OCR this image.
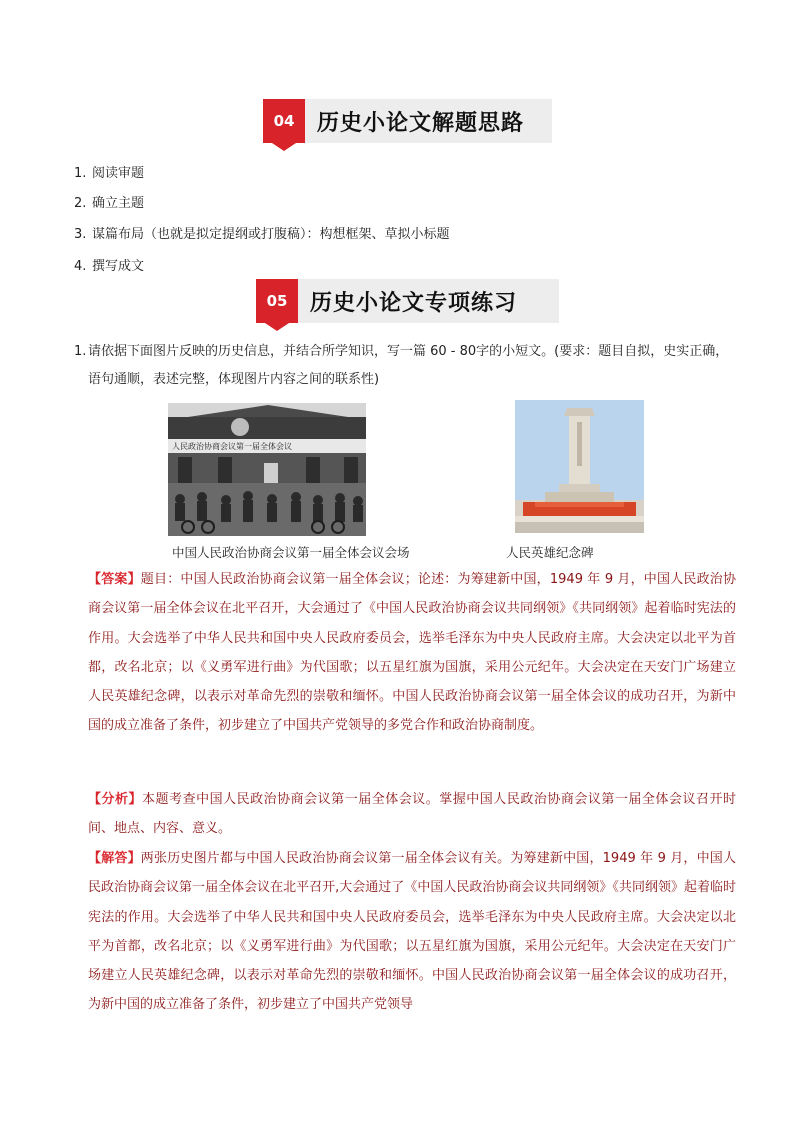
04	历史小论文解题思路
1. 阅读审题
2. 确立主题
3. 谋篇布局（也就是拟定提纲或打腹稿）：构想框架、草拟小标题
4. 撰写成文
05	历史小论文专项练习
1. 请依据下面图片反映的历史信息，并结合所学知识，写一篇 60 - 80字的小短文。(要求：题目自拟，史实正确，语句通顺，表述完整，体现图片内容之间的联系性)
人民政治协商会议第一届全体会议
中国人民政治协商会议第一届全体会议会场	人民英雄纪念碑
【答案】题目：中国人民政治协商会议第一届全体会议；论述：为筹建新中国，1949 年 9 月，中国人民政治协商会议第一届全体会议在北平召开，大会通过了《中国人民政治协商会议共同纲领》《共同纲领》起着临时宪法的作用。大会选举了中华人民共和国中央人民政府委员会，选举毛泽东为中央人民政府主席。大会决定以北平为首都，改名北京；以《义勇军进行曲》为代国歌；以五星红旗为国旗，采用公元纪年。大会决定在天安门广场建立人民英雄纪念碑，以表示对革命先烈的崇敬和缅怀。中国人民政治协商会议第一届全体会议的成功召开，为新中国的成立准备了条件，初步建立了中国共产党领导的多党合作和政治协商制度。
【分析】本题考查中国人民政治协商会议第一届全体会议。掌握中国人民政治协商会议第一届全体会议召开时间、地点、内容、意义。
【解答】两张历史图片都与中国人民政治协商会议第一届全体会议有关。为筹建新中国，1949 年 9 月，中国人民政治协商会议第一届全体会议在北平召开,大会通过了《中国人民政治协商会议共同纲领》《共同纲领》起着临时宪法的作用。大会选举了中华人民共和国中央人民政府委员会，选举毛泽东为中央人民政府主席。大会决定以北平为首都，改名北京；以《义勇军进行曲》为代国歌；以五星红旗为国旗，采用公元纪年。大会决定在天安门广场建立人民英雄纪念碑，以表示对革命先烈的崇敬和缅怀。中国人民政治协商会议第一届全体会议的成功召开，为新中国的成立准备了条件，初步建立了中国共产党领导
